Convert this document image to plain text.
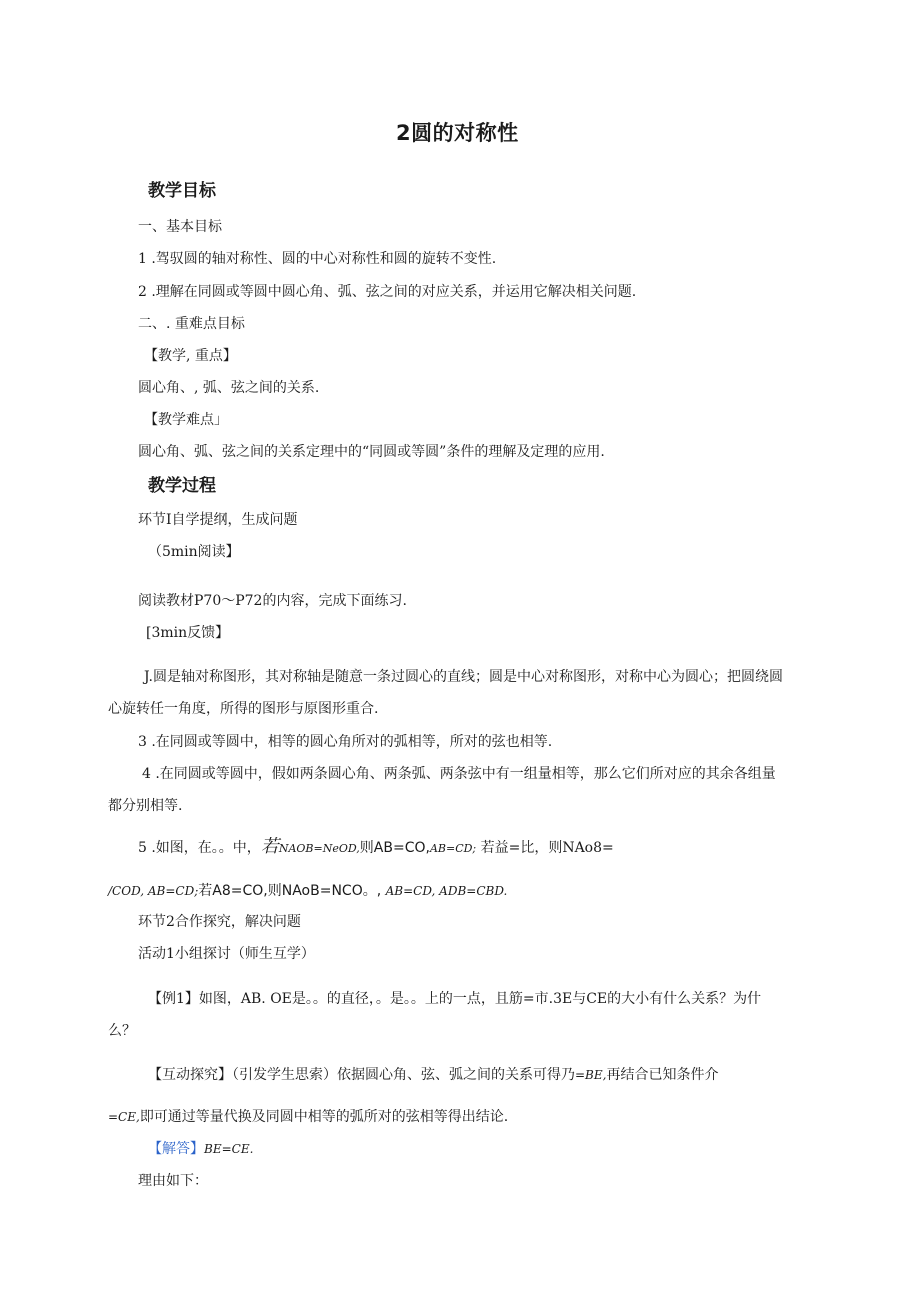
2圆的对称性
教学目标
一、基本目标
1 .驾驭圆的轴对称性、圆的中心对称性和圆的旋转不变性.
2 .理解在同圆或等圆中圆心角、弧、弦之间的对应关系，并运用它解决相关问题.
二、. 重难点目标
【教学, 重点】
圆心角、, 弧、弦之间的关系.
【教学难点」
圆心角、弧、弦之间的关系定理中的“同圆或等圆”条件的理解及定理的应用.
教学过程
环节I自学提纲，生成问题
（5min阅读】
阅读教材P70～P72的内容，完成下面练习.
[3min反馈】
J.圆是轴对称图形，其对称轴是随意一条过圆心的直线；圆是中心对称图形，对称中心为圆心；把圆绕圆
心旋转任一角度，所得的图形与原图形重合.
3 .在同圆或等圆中，相等的圆心角所对的弧相等，所对的弦也相等.
4 .在同圆或等圆中，假如两条圆心角、两条弧、两条弦中有一组量相等，那么它们所对应的其余各组量
都分别相等.
5 .如图，在。。中，若NAOB=NeOD,则AB=CO,AB=CD; 若益=比，则NAo8=
/COD, AB=CD;若A8=CO,则NAoB=NCO。, AB=CD, ADB=CBD.
环节2合作探究，解决问题
活动1小组探讨（师生互学）
【例1】如图，AB. OE是。。的直径，。是。。上的一点，且筋=市.3E与CE的大小有什么关系？为什
么？
【互动探究】（引发学生思索）依据圆心角、弦、弧之间的关系可得乃=BE,再结合已知条件介
=CE,即可通过等量代换及同圆中相等的弧所对的弦相等得出结论.
【解答】BE=CE.
理由如下：
